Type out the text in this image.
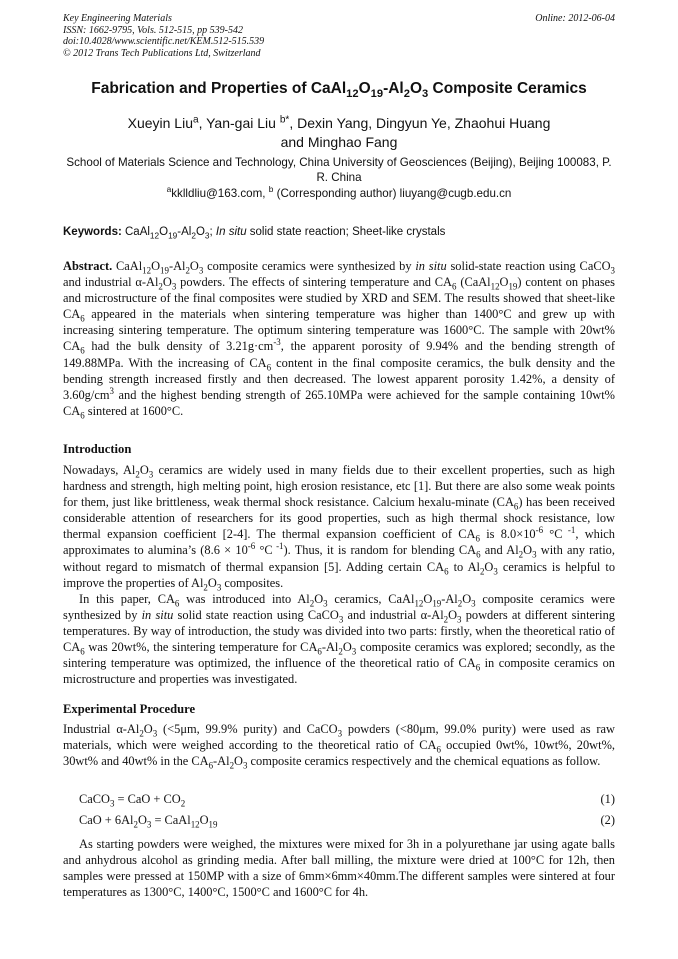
Key Engineering Materials
ISSN: 1662-9795, Vols. 512-515, pp 539-542
doi:10.4028/www.scientific.net/KEM.512-515.539
© 2012 Trans Tech Publications Ltd, Switzerland
Online: 2012-06-04
Fabrication and Properties of $CaAl_{12}O_{19}-Al_2O_3$ Composite Ceramics
Xueyin Liu$^a$, Yan-gai Liu $^{b*}$, Dexin Yang, Dingyun Ye, Zhaohui Huang
and Minghao Fang
School of Materials Science and Technology, China University of Geosciences (Beijing), Beijing 100083, P. R. China
$^a$kklldliu@163.com, $^b$ (Corresponding author) liuyang@cugb.edu.cn
Keywords: $CaAl_{12}O_{19}-Al_2O_3$; In situ solid state reaction; Sheet-like crystals
Abstract. $CaAl_{12}O_{19}-Al_2O_3$ composite ceramics were synthesized by in situ solid-state reaction using CaCO$_3$ and industrial $\alpha-Al_2O_3$ powders. The effects of sintering temperature and $CA_6$ $(CaAl_{12}O_{19})$ content on phases and microstructure of the final composites were studied by XRD and SEM. The results showed that sheet-like $CA_6$ appeared in the materials when sintering temperature was higher than 1400°C and grew up with increasing sintering temperature. The optimum sintering temperature was 1600°C. The sample with 20wt% $CA_6$ had the bulk density of $3.21g\cdot cm^{-3}$, the apparent porosity of 9.94% and the bending strength of 149.88MPa. With the increasing of $CA_6$ content in the final composite ceramics, the bulk density and the bending strength increased firstly and then decreased. The lowest apparent porosity 1.42%, a density of $3.60g/cm^3$ and the highest bending strength of 265.10MPa were achieved for the sample containing 10wt% $CA_6$ sintered at 1600°C.
Introduction
Nowadays, $Al_2O_3$ ceramics are widely used in many fields due to their excellent properties, such as high hardness and strength, high melting point, high erosion resistance, etc [1]. But there are also some weak points for them, just like brittleness, weak thermal shock resistance. Calcium hexalu-minate $(CA_6)$ has been received considerable attention of researchers for its good properties, such as high thermal shock resistance, low thermal expansion coefficient [2-4]. The thermal expansion coefficient of $CA_6$ is $8.0\times 10^{-6}$ °C $^{-1}$, which approximates to alumina’s ($8.6 \times 10^{-6}$ °C $^{-1}$). Thus, it is random for blending $CA_6$ and $Al_2O_3$ with any ratio, without regard to mismatch of thermal expansion [5]. Adding certain $CA_6$ to $Al_2O_3$ ceramics is helpful to improve the properties of $Al_2O_3$ composites.
In this paper, $CA_6$ was introduced into $Al_2O_3$ ceramics, $CaAl_{12}O_{19}-Al_2O_3$ composite ceramics were synthesized by in situ solid state reaction using CaCO$_3$ and industrial $\alpha-Al_2O_3$ powders at different sintering temperatures. By way of introduction, the study was divided into two parts: firstly, when the theoretical ratio of $CA_6$ was 20wt%, the sintering temperature for $CA_6-Al_2O_3$ composite ceramics was explored; secondly, as the sintering temperature was optimized, the influence of the theoretical ratio of $CA_6$ in composite ceramics on microstructure and properties was investigated.
Experimental Procedure
Industrial $\alpha-Al_2O_3$ (<5μm, 99.9% purity) and CaCO$_3$ powders (<80μm, 99.0% purity) were used as raw materials, which were weighed according to the theoretical ratio of $CA_6$ occupied 0wt%, 10wt%, 20wt%, 30wt% and 40wt% in the $CA_6-Al_2O_3$ composite ceramics respectively and the chemical equations as follow.
CaCO$_3$ = CaO + $CO_2$	(1)
CaO + $6Al_2O_3$ = $CaAl_{12}O_{19}$	(2)
As starting powders were weighed, the mixtures were mixed for 3h in a polyurethane jar using agate balls and anhydrous alcohol as grinding media. After ball milling, the mixture were dried at 100°C for 12h, then samples were pressed at 150MP with a size of 6mm×6mm×40mm.The different samples were sintered at four temperatures as 1300°C, 1400°C, 1500°C and 1600°C for 4h.
